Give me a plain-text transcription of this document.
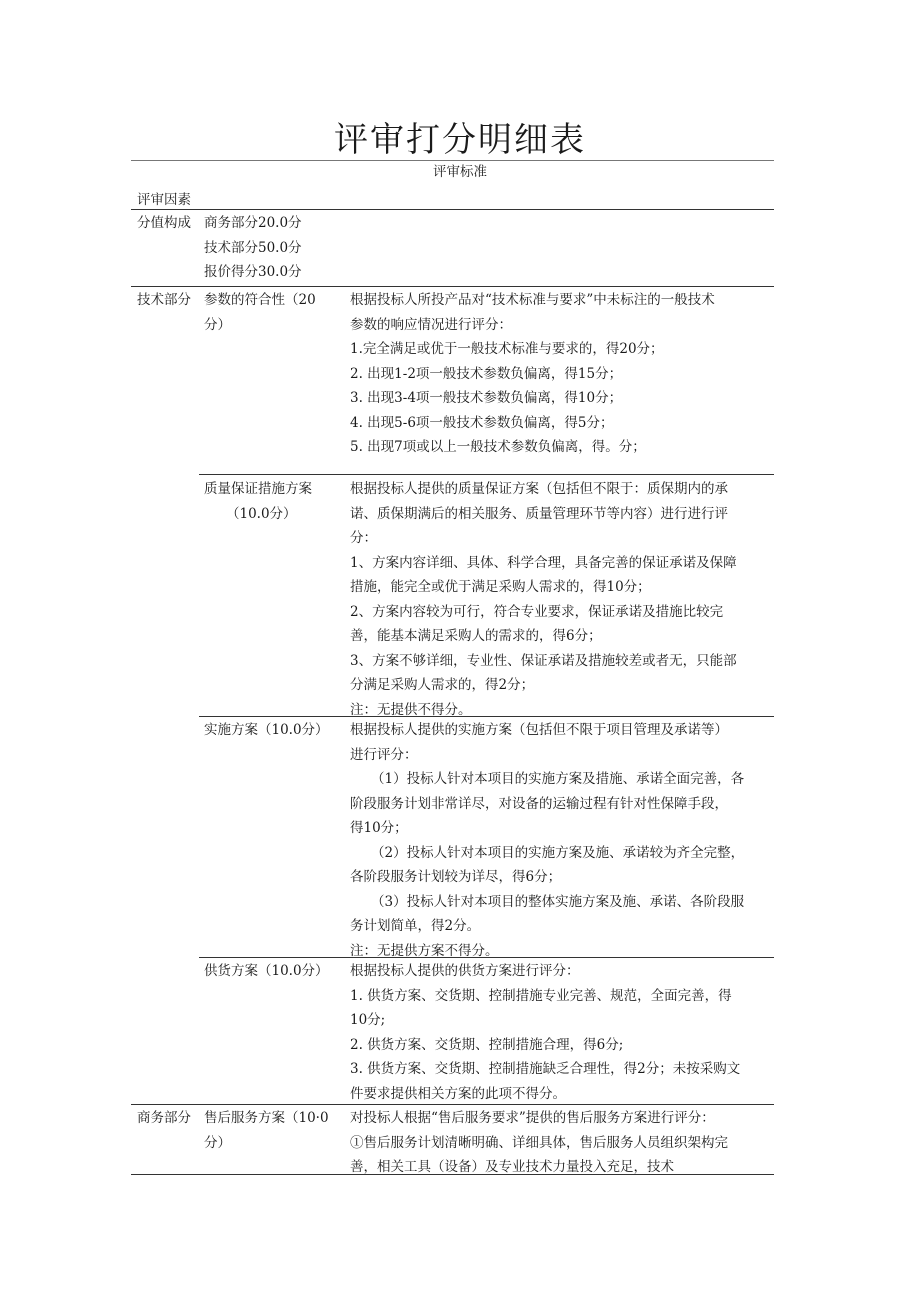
评审打分明细表
评审标准
评审因素
分值构成 商务部分20.0分
技术部分50.0分
报价得分30.0分
技术部分 参数的符合性（20
分）

根据投标人所投产品对“技术标准与要求”中未标注的一般技术

参数的响应情况进行评分：

1.完全满足或优于一般技术标准与要求的，得20分；

2. 出现1-2项一般技术参数负偏离，得15分；

3. 出现3-4项一般技术参数负偏离，得10分；

4. 出现5-6项一般技术参数负偏离，得5分；

5. 出现7项或以上一般技术参数负偏离，得。分；

质量保证措施方案
（10.0分）

根据投标人提供的质量保证方案（包括但不限于：质保期内的承

诺、质保期满后的相关服务、质量管理环节等内容）进行进行评

分：

1、方案内容详细、具体、科学合理，具备完善的保证承诺及保障

措施，能完全或优于满足采购人需求的，得10分；

2、方案内容较为可行，符合专业要求，保证承诺及措施比较完

善，能基本满足采购人的需求的，得6分；

3、方案不够详细，专业性、保证承诺及措施较差或者无，只能部

分满足采购人需求的，得2分；

注：无提供不得分。

实施方案（10.0分） 根据投标人提供的实施方案（包括但不限于项目管理及承诺等）

进行评分：

（1）投标人针对本项目的实施方案及措施、承诺全面完善，各

阶段服务计划非常详尽，对设备的运输过程有针对性保障手段，

得10分；

（2）投标人针对本项目的实施方案及施、承诺较为齐全完整，

各阶段服务计划较为详尽，得6分；

（3）投标人针对本项目的整体实施方案及施、承诺、各阶段服

务计划简单，得2分。

注：无提供方案不得分。

供货方案（10.0分） 根据投标人提供的供货方案进行评分：

1. 供货方案、交货期、控制措施专业完善、规范，全面完善，得

10分;

2. 供货方案、交货期、控制措施合理，得6分;

3. 供货方案、交货期、控制措施缺乏合理性，得2分；未按采购文

件要求提供相关方案的此项不得分。

商务部分 售后服务方案（10·0
分）

对投标人根据“售后服务要求”提供的售后服务方案进行评分：

①售后服务计划清晰明确、详细具体，售后服务人员组织架构完

善，相关工具（设备）及专业技术力量投入充足，技术
